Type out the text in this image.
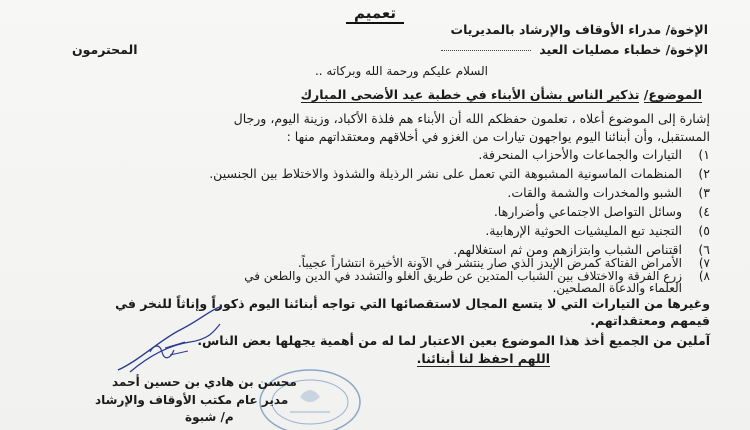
تعميم
الإخوة/ مدراء الأوقاف والإرشاد بالمديريات
الإخوة/ خطباء مصليات العيد
المحترمون
السلام عليكم ورحمة الله وبركاته ..
الموضوع/ تذكير الناس بشأن الأبناء في خطبة عيد الأضحى المبارك
إشارة إلى الموضوع أعلاه ، تعلمون حفظكم الله أن الأبناء هم فلذة الأكباد، وزينة اليوم، ورجال
المستقبل، وأن أبنائنا اليوم يواجهون تيارات من الغزو في أخلاقهم ومعتقداتهم منها :
١)التيارات والجماعات والأحزاب المنحرفة.
٢)المنظمات الماسونية المشبوهة التي تعمل على نشر الرذيلة والشذوذ والاختلاط بين الجنسين.
٣)الشبو والمخدرات والشمة والقات.
٤)وسائل التواصل الاجتماعي وأضرارها.
٥)التجنيد تبع المليشيات الحوثية الإرهابية.
٦)اقتناص الشباب وابتزازهم ومن ثم استغلالهم.
٧)الأمراض الفتاكة كمرض الإيدز الذي صار ينتشر في الآونة الأخيرة انتشاراً عجيباً.
٨)زرع الفرقة والاختلاف بين الشباب المتدين عن طريق الغلو والتشدد في الدين والطعن في
العلماء والدعاة المصلحين.
وغيرها من التيارات التي لا يتسع المجال لاستقصائها التي تواجه أبنائنا اليوم ذكوراً وإناثاً للنخر في
قيمهم ومعتقداتهم.
آملين من الجميع أخذ هذا الموضوع بعين الاعتبار لما له من أهمية يجهلها بعض الناس.
اللهم احفظ لنا أبنائنا.
محسن بن هادي بن حسين أحمد
مدير عام مكتب الأوقاف والإرشاد
م/ شبوة
